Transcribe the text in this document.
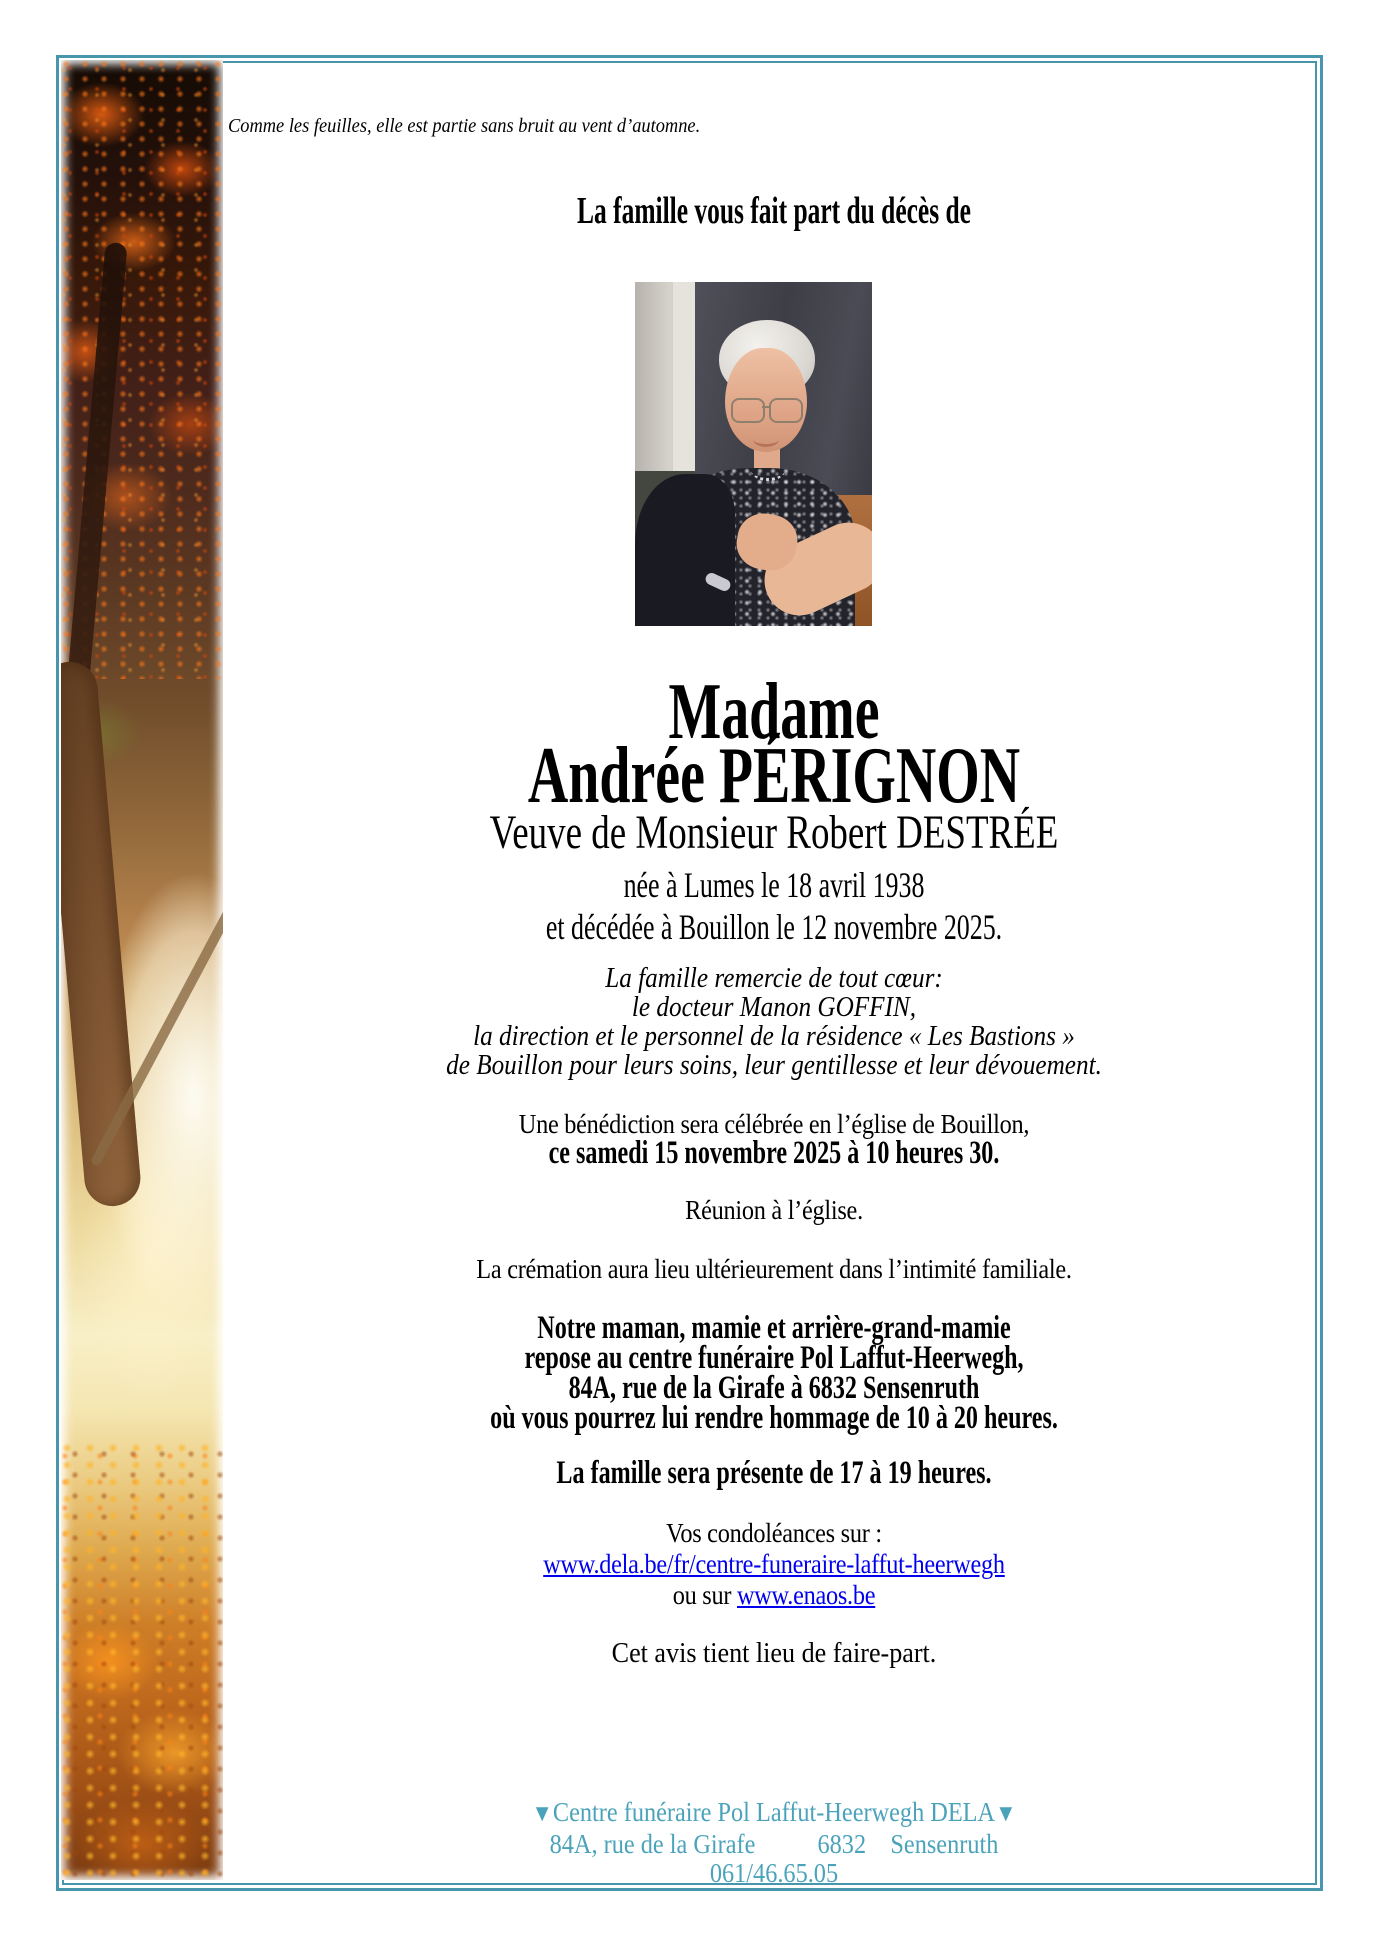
Comme les feuilles, elle est partie sans bruit au vent d’automne.
La famille vous fait part du décès de
Madame
Andrée PÉRIGNON
Veuve de Monsieur Robert DESTRÉE
née à Lumes le 18 avril 1938
et décédée à Bouillon le 12 novembre 2025.
La famille remercie de tout cœur:
le docteur Manon GOFFIN,
la direction et le personnel de la résidence « Les Bastions »
de Bouillon pour leurs soins, leur gentillesse et leur dévouement.
Une bénédiction sera célébrée en l’église de Bouillon,
ce samedi 15 novembre 2025 à 10 heures 30.
Réunion à l’église.
La crémation aura lieu ultérieurement dans l’intimité familiale.
Notre maman, mamie et arrière-grand-mamie
repose au centre funéraire Pol Laffut-Heerwegh,
84A, rue de la Girafe à 6832 Sensenruth
où vous pourrez lui rendre hommage de 10 à 20 heures.
La famille sera présente de 17 à 19 heures.
Vos condoléances sur :
www.dela.be/fr/centre-funeraire-laffut-heerwegh
ou sur www.enaos.be
Cet avis tient lieu de faire-part.
▼Centre funéraire Pol Laffut-Heerwegh DELA▼
84A, rue de la Girafe 6832 Sensenruth
061/46.65.05
